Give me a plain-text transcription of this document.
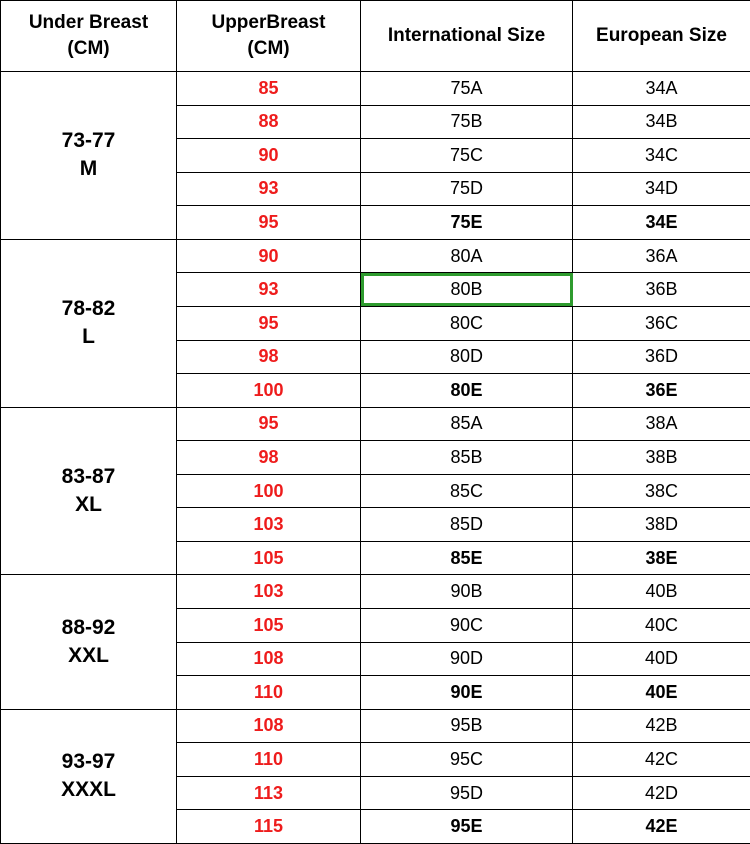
Under Breast
(CM)	UpperBreast
(CM)	International Size	European Size

73-77
M	85	75A	34A
	88	75B	34B
	90	75C	34C
	93	75D	34D
	95	75E	34E

78-82
L	90	80A	36A
	93	80B	36B
	95	80C	36C
	98	80D	36D
	100	80E	36E

83-87
XL	95	85A	38A
	98	85B	38B
	100	85C	38C
	103	85D	38D
	105	85E	38E

88-92
XXL	103	90B	40B
	105	90C	40C
	108	90D	40D
	110	90E	40E

93-97
XXXL	108	95B	42B
	110	95C	42C
	113	95D	42D
	115	95E	42E
